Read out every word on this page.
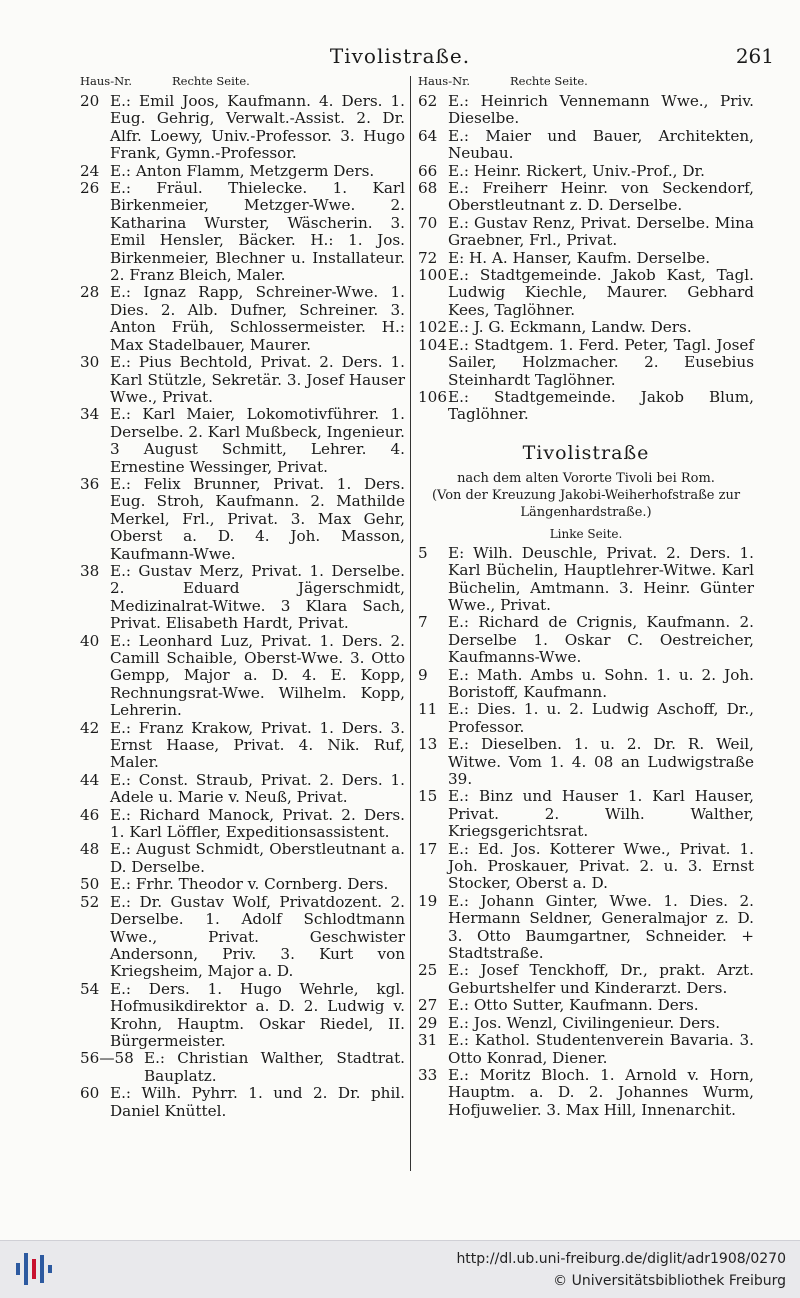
Tivolistraße.	261
Haus-Nr.	Rechte Seite.
20 E.: Emil Joos, Kaufmann. 4. Ders. 1. Eug. Gehrig, Verwalt.-Assist. 2. Dr. Alfr. Loewy, Univ.-Professor. 3. Hugo Frank, Gymn.-Professor.
24 E.: Anton Flamm, Metzgerm Ders.
26 E.: Fräul. Thielecke. 1. Karl Birkenmeier, Metzger-Wwe. 2. Katharina Wurster, Wäscherin. 3. Emil Hensler, Bäcker. H.: 1. Jos. Birkenmeier, Blechner u. Installateur. 2. Franz Bleich, Maler.
28 E.: Ignaz Rapp, Schreiner-Wwe. 1. Dies. 2. Alb. Dufner, Schreiner. 3. Anton Früh, Schlossermeister. H.: Max Stadelbauer, Maurer.
30 E.: Pius Bechtold, Privat. 2. Ders. 1. Karl Stützle, Sekretär. 3. Josef Hauser Wwe., Privat.
34 E.: Karl Maier, Lokomotivführer. 1. Derselbe. 2. Karl Mußbeck, Ingenieur. 3 August Schmitt, Lehrer. 4. Ernestine Wessinger, Privat.
36 E.: Felix Brunner, Privat. 1. Ders. Eug. Stroh, Kaufmann. 2. Mathilde Merkel, Frl., Privat. 3. Max Gehr, Oberst a. D. 4. Joh. Masson, Kaufmann-Wwe.
38 E.: Gustav Merz, Privat. 1. Derselbe. 2. Eduard Jägerschmidt, Medizinalrat-Witwe. 3 Klara Sach, Privat. Elisabeth Hardt, Privat.
40 E.: Leonhard Luz, Privat. 1. Ders. 2. Camill Schaible, Oberst-Wwe. 3. Otto Gempp, Major a. D. 4. E. Kopp, Rechnungsrat-Wwe. Wilhelm. Kopp, Lehrerin.
42 E.: Franz Krakow, Privat. 1. Ders. 3. Ernst Haase, Privat. 4. Nik. Ruf, Maler.
44 E.: Const. Straub, Privat. 2. Ders. 1. Adele u. Marie v. Neuß, Privat.
46 E.: Richard Manock, Privat. 2. Ders. 1. Karl Löffler, Expeditionsassistent.
48 E.: August Schmidt, Oberstleutnant a. D. Derselbe.
50 E.: Frhr. Theodor v. Cornberg. Ders.
52 E.: Dr. Gustav Wolf, Privatdozent. 2. Derselbe. 1. Adolf Schlodtmann Wwe., Privat. Geschwister Andersonn, Priv. 3. Kurt von Kriegsheim, Major a. D.
54 E.: Ders. 1. Hugo Wehrle, kgl. Hofmusikdirektor a. D. 2. Ludwig v. Krohn, Hauptm. Oskar Riedel, II. Bürgermeister.
56—58 E.: Christian Walther, Stadtrat. Bauplatz.
60 E.: Wilh. Pyhrr. 1. und 2. Dr. phil. Daniel Knüttel.
Haus-Nr.	Rechte Seite.
62 E.: Heinrich Vennemann Wwe., Priv. Dieselbe.
64 E.: Maier und Bauer, Architekten, Neubau.
66 E.: Heinr. Rickert, Univ.-Prof., Dr.
68 E.: Freiherr Heinr. von Seckendorf, Oberstleutnant z. D. Derselbe.
70 E.: Gustav Renz, Privat. Derselbe. Mina Graebner, Frl., Privat.
72 E: H. A. Hanser, Kaufm. Derselbe.
100 E.: Stadtgemeinde. Jakob Kast, Tagl. Ludwig Kiechle, Maurer. Gebhard Kees, Taglöhner.
102 E.: J. G. Eckmann, Landw. Ders.
104 E.: Stadtgem. 1. Ferd. Peter, Tagl. Josef Sailer, Holzmacher. 2. Eusebius Steinhardt Taglöhner.
106 E.: Stadtgemeinde. Jakob Blum, Taglöhner.
Tivolistraße
nach dem alten Vororte Tivoli bei Rom.
(Von der Kreuzung Jakobi-Weiherhofstraße zur Längenhardstraße.)
Linke Seite.
5	E: Wilh. Deuschle, Privat. 2. Ders. 1. Karl Büchelin, Hauptlehrer-Witwe. Karl Büchelin, Amtmann. 3. Heinr. Günter Wwe., Privat.
7	E.: Richard de Crignis, Kaufmann. 2. Derselbe 1. Oskar C. Oestreicher, Kaufmanns-Wwe.
9	E.: Math. Ambs u. Sohn. 1. u. 2. Joh. Boristoff, Kaufmann.
11 E.: Dies. 1. u. 2. Ludwig Aschoff, Dr., Professor.
13 E.: Dieselben. 1. u. 2. Dr. R. Weil, Witwe. Vom 1. 4. 08 an Ludwigstraße 39.
15 E.: Binz und Hauser 1. Karl Hauser, Privat. 2. Wilh. Walther, Kriegsgerichtsrat.
17 E.: Ed. Jos. Kotterer Wwe., Privat. 1. Joh. Proskauer, Privat. 2. u. 3. Ernst Stocker, Oberst a. D.
19 E.: Johann Ginter, Wwe. 1. Dies. 2. Hermann Seldner, Generalmajor z. D. 3. Otto Baumgartner, Schneider. + Stadtstraße.
25 E.: Josef Tenckhoff, Dr., prakt. Arzt. Geburtshelfer und Kinderarzt. Ders.
27 E.: Otto Sutter, Kaufmann. Ders.
29 E.: Jos. Wenzl, Civilingenieur. Ders.
31 E.: Kathol. Studentenverein Bavaria. 3. Otto Konrad, Diener.
33 E.: Moritz Bloch. 1. Arnold v. Horn, Hauptm. a. D. 2. Johannes Wurm, Hofjuwelier. 3. Max Hill, Innenarchit.
http://dl.ub.uni-freiburg.de/diglit/adr1908/0270
© Universitätsbibliothek Freiburg
